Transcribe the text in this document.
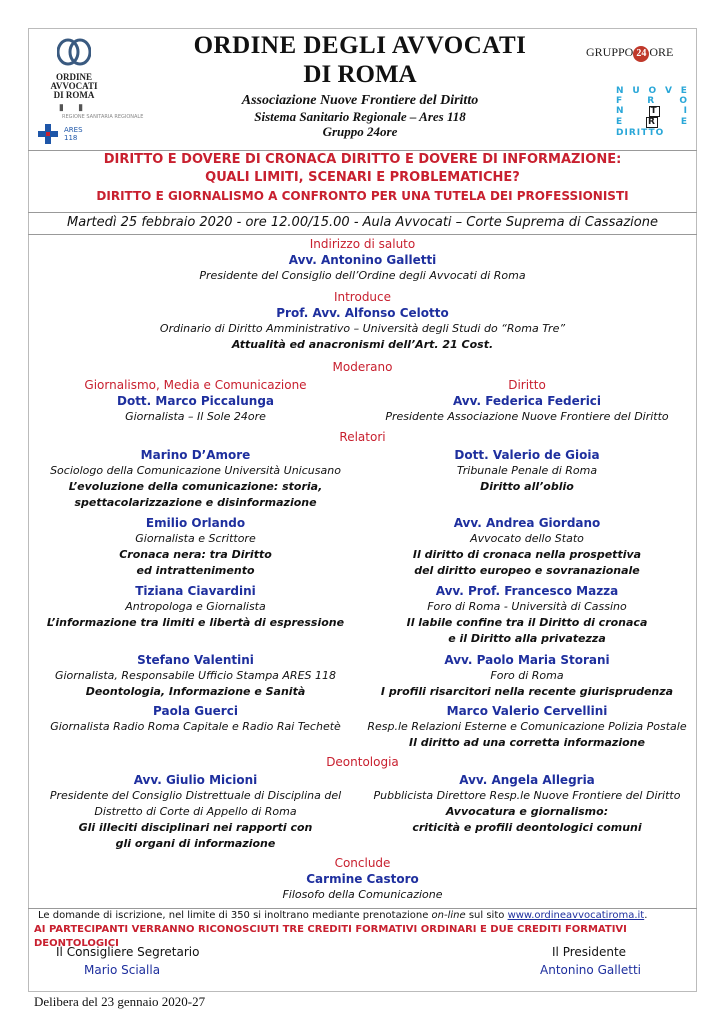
ORDINE
AVVOCATI
DI ROMA
▮ ▮
REGIONE SANITARIA REGIONALE
ARES
118
ORDINE DEGLI AVVOCATI
DI ROMA
Associazione Nuove Frontiere del Diritto
Sistema Sanitario Regionale – Ares 118
Gruppo 24ore
GRUPPO 24 ORE
N U O V E
F	R	O
N	T	I
E	R	E
DIRITTO
DIRITTO E DOVERE DI CRONACA DIRITTO E DOVERE DI INFORMAZIONE:
QUALI LIMITI, SCENARI E PROBLEMATICHE?
DIRITTO E GIORNALISMO A CONFRONTO PER UNA TUTELA DEI PROFESSIONISTI
Martedì 25 febbraio 2020 - ore 12.00/15.00 - Aula Avvocati – Corte Suprema di Cassazione
Indirizzo di saluto
Avv. Antonino Galletti
Presidente del Consiglio dell’Ordine degli Avvocati di Roma
Introduce
Prof. Avv. Alfonso Celotto
Ordinario di Diritto Amministrativo – Università degli Studi do “Roma Tre”
Attualità ed anacronismi dell’Art. 21 Cost.
Moderano
Giornalismo, Media e Comunicazione
Dott. Marco Piccalunga
Giornalista – Il Sole 24ore
Diritto
Avv. Federica Federici
Presidente Associazione Nuove Frontiere del Diritto
Relatori
Marino D’Amore
Sociologo della Comunicazione Università Unicusano
L’evoluzione della comunicazione: storia,
spettacolarizzazione e disinformazione
Dott. Valerio de Gioia
Tribunale Penale di Roma
Diritto all’oblio
Emilio Orlando
Giornalista e Scrittore
Cronaca nera: tra Diritto
ed intrattenimento
Avv. Andrea Giordano
Avvocato dello Stato
Il diritto di cronaca nella prospettiva
del diritto europeo e sovranazionale
Tiziana Ciavardini
Antropologa e Giornalista
L’informazione tra limiti e libertà di espressione
Avv. Prof. Francesco Mazza
Foro di Roma - Università di Cassino
Il labile confine tra il Diritto di cronaca
e il Diritto alla privatezza
Stefano Valentini
Giornalista, Responsabile Ufficio Stampa ARES 118
Deontologia, Informazione e Sanità
Avv. Paolo Maria Storani
Foro di Roma
I profili risarcitori nella recente giurisprudenza
Paola Guerci
Giornalista Radio Roma Capitale e Radio Rai Techetè
Marco Valerio Cervellini
Resp.le Relazioni Esterne e Comunicazione Polizia Postale
Il diritto ad una corretta informazione
Deontologia
Avv. Giulio Micioni
Presidente del Consiglio Distrettuale di Disciplina del
Distretto di Corte di Appello di Roma
Gli illeciti disciplinari nei rapporti con
gli organi di informazione
Avv. Angela Allegria
Pubblicista Direttore Resp.le Nuove Frontiere del Diritto
Avvocatura e giornalismo:
criticità e profili deontologici comuni
Conclude
Carmine Castoro
Filosofo della Comunicazione
Le domande di iscrizione, nel limite di 350 si inoltrano mediante prenotazione on-line sul sito www.ordineavvocatiroma.it.
AI PARTECIPANTI VERRANNO RICONOSCIUTI TRE CREDITI FORMATIVI ORDINARI E DUE CREDITI FORMATIVI DEONTOLOGICI
Il Consigliere Segretario
Mario Scialla
Il Presidente
Antonino Galletti
Delibera del 23 gennaio 2020-27
